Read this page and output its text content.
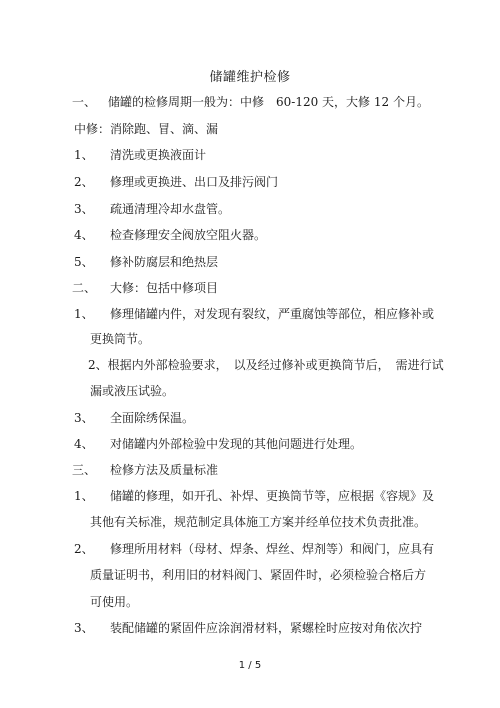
储罐维护检修
一、 储罐的检修周期一般为：中修　60-120 天，大修 12 个月。
中修：消除跑、冒、滴、漏
1、 清洗或更换液面计
2、 修理或更换进、出口及排污阀门
3、 疏通清理冷却水盘管。
4、 检查修理安全阀放空阻火器。
5、 修补防腐层和绝热层
二、 大修：包括中修项目
1、 修理储罐内件，对发现有裂纹，严重腐蚀等部位，相应修补或
更换筒节。
2、根据内外部检验要求，　以及经过修补或更换筒节后，　需进行试
漏或液压试验。
3、 全面除绣保温。
4、 对储罐内外部检验中发现的其他问题进行处理。
三、 检修方法及质量标准
1、 储罐的修理，如开孔、补焊、更换筒节等，应根据《容规》及
其他有关标准，规范制定具体施工方案并经单位技术负责批准。
2、 修理所用材料（母材、焊条、焊丝、焊剂等）和阀门，应具有
质量证明书，利用旧的材料阀门、紧固件时，必须检验合格后方
可使用。
3、 装配储罐的紧固件应涂润滑材料，紧螺栓时应按对角依次拧
1 / 5
